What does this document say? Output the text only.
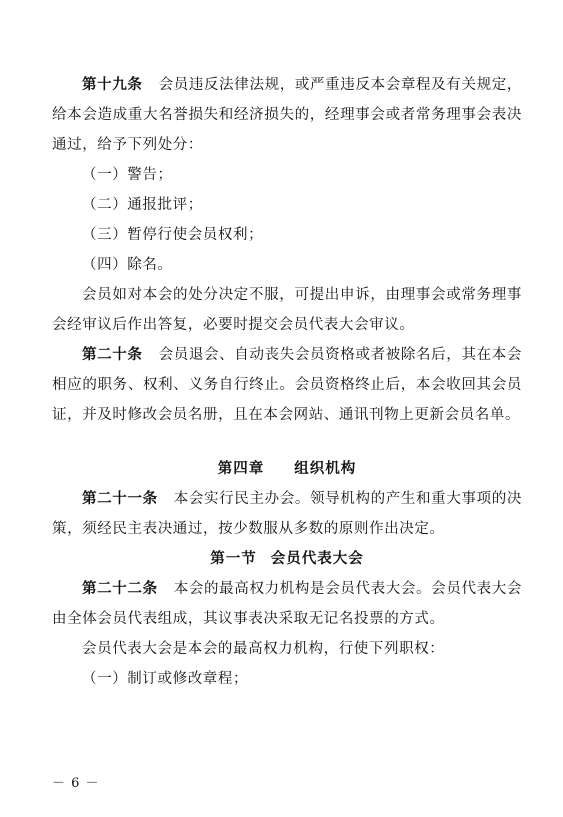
第十九条 会员违反法律法规，或严重违反本会章程及有关规定，给本会造成重大名誉损失和经济损失的，经理事会或者常务理事会表决通过，给予下列处分：

（一）警告；

（二）通报批评；

（三）暂停行使会员权利；

（四）除名。

会员如对本会的处分决定不服，可提出申诉，由理事会或常务理事会经审议后作出答复，必要时提交会员代表大会审议。

第二十条 会员退会、自动丧失会员资格或者被除名后，其在本会相应的职务、权利、义务自行终止。会员资格终止后，本会收回其会员证，并及时修改会员名册，且在本会网站、通讯刊物上更新会员名单。

第四章 组织机构

第二十一条 本会实行民主办会。领导机构的产生和重大事项的决策，须经民主表决通过，按少数服从多数的原则作出决定。

第一节 会员代表大会

第二十二条 本会的最高权力机构是会员代表大会。会员代表大会由全体会员代表组成，其议事表决采取无记名投票的方式。

会员代表大会是本会的最高权力机构，行使下列职权：

（一）制订或修改章程；

－ 6 －
